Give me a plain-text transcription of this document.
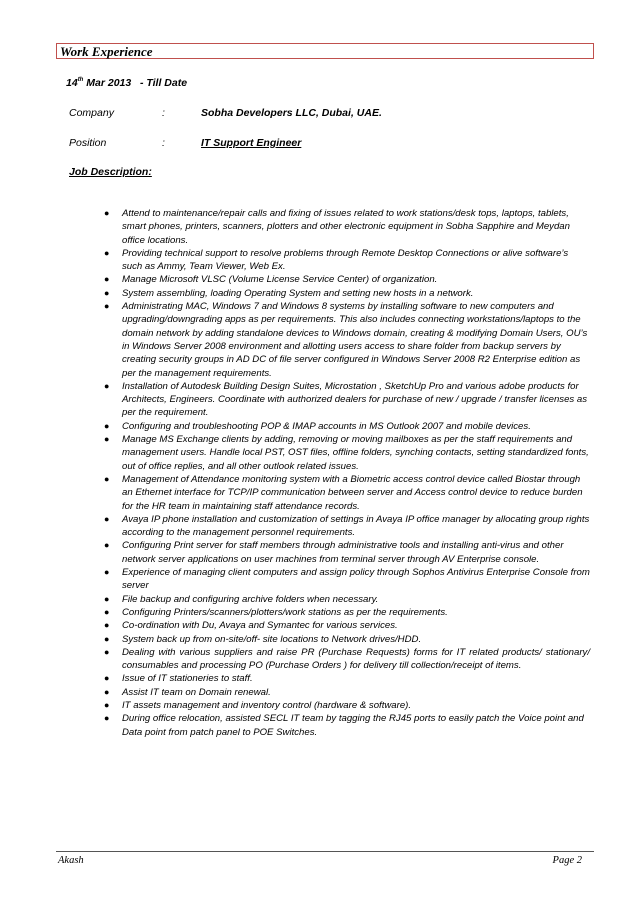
Work Experience
14th Mar 2013   - Till Date
Company	:	Sobha Developers LLC, Dubai, UAE.
Position	:	IT Support Engineer
Job Description:
● Attend to maintenance/repair calls and fixing of issues related to work stations/desk tops, laptops, tablets, smart phones, printers, scanners, plotters and other electronic equipment in Sobha Sapphire and Meydan office locations.
● Providing technical support to resolve problems through Remote Desktop Connections or alive software’s such as Ammy, Team Viewer, Web Ex.
● Manage Microsoft VLSC (Volume License Service Center) of organization.
● System assembling, loading Operating System and setting new hosts in a network.
● Administrating MAC, Windows 7 and Windows 8 systems by installing software to new computers and upgrading/downgrading apps as per requirements. This also includes connecting workstations/laptops to the domain network by adding standalone devices to Windows domain, creating & modifying Domain Users, OU’s in Windows Server 2008 environment and allotting users access to share folder from backup servers by creating security groups in AD DC of file server configured in Windows Server 2008 R2 Enterprise edition as per the management requirements.
● Installation of Autodesk Building Design Suites, Microstation , SketchUp Pro and various adobe products for Architects, Engineers. Coordinate with authorized dealers for purchase of new / upgrade / transfer licenses as per the requirement.
● Configuring and troubleshooting POP & IMAP accounts in MS Outlook 2007 and mobile devices.
● Manage MS Exchange clients by adding, removing or moving mailboxes as per the staff requirements and management users. Handle local PST, OST files, offline folders, synching contacts, setting standardized fonts, out of office replies, and all other outlook related issues.
● Management of Attendance monitoring system with a Biometric access control device called Biostar through an Ethernet interface for TCP/IP communication between server and Access control device to reduce burden for the HR team in maintaining staff attendance records.
● Avaya IP phone installation and customization of settings in Avaya IP office manager by allocating group rights according to the management personnel requirements.
● Configuring Print server for staff members through administrative tools and installing anti-virus and other network server applications on user machines from terminal server through AV Enterprise console.
● Experience of managing client computers and assign policy through Sophos Antivirus Enterprise Console from server
● File backup and configuring archive folders when necessary.
● Configuring Printers/scanners/plotters/work stations as per the requirements.
● Co-ordination with Du, Avaya and Symantec for various services.
● System back up from on-site/off- site locations to Network drives/HDD.
● Dealing with various suppliers and raise PR (Purchase Requests) forms for IT related products/ stationary/ consumables and processing PO (Purchase Orders ) for delivery till collection/receipt of items.
● Issue of IT stationeries to staff.
● Assist IT team on Domain renewal.
● IT assets management and inventory control (hardware & software).
● During office relocation, assisted SECL IT team by tagging the RJ45 ports to easily patch the Voice point and Data point from patch panel to POE Switches.
Akash	Page 2
